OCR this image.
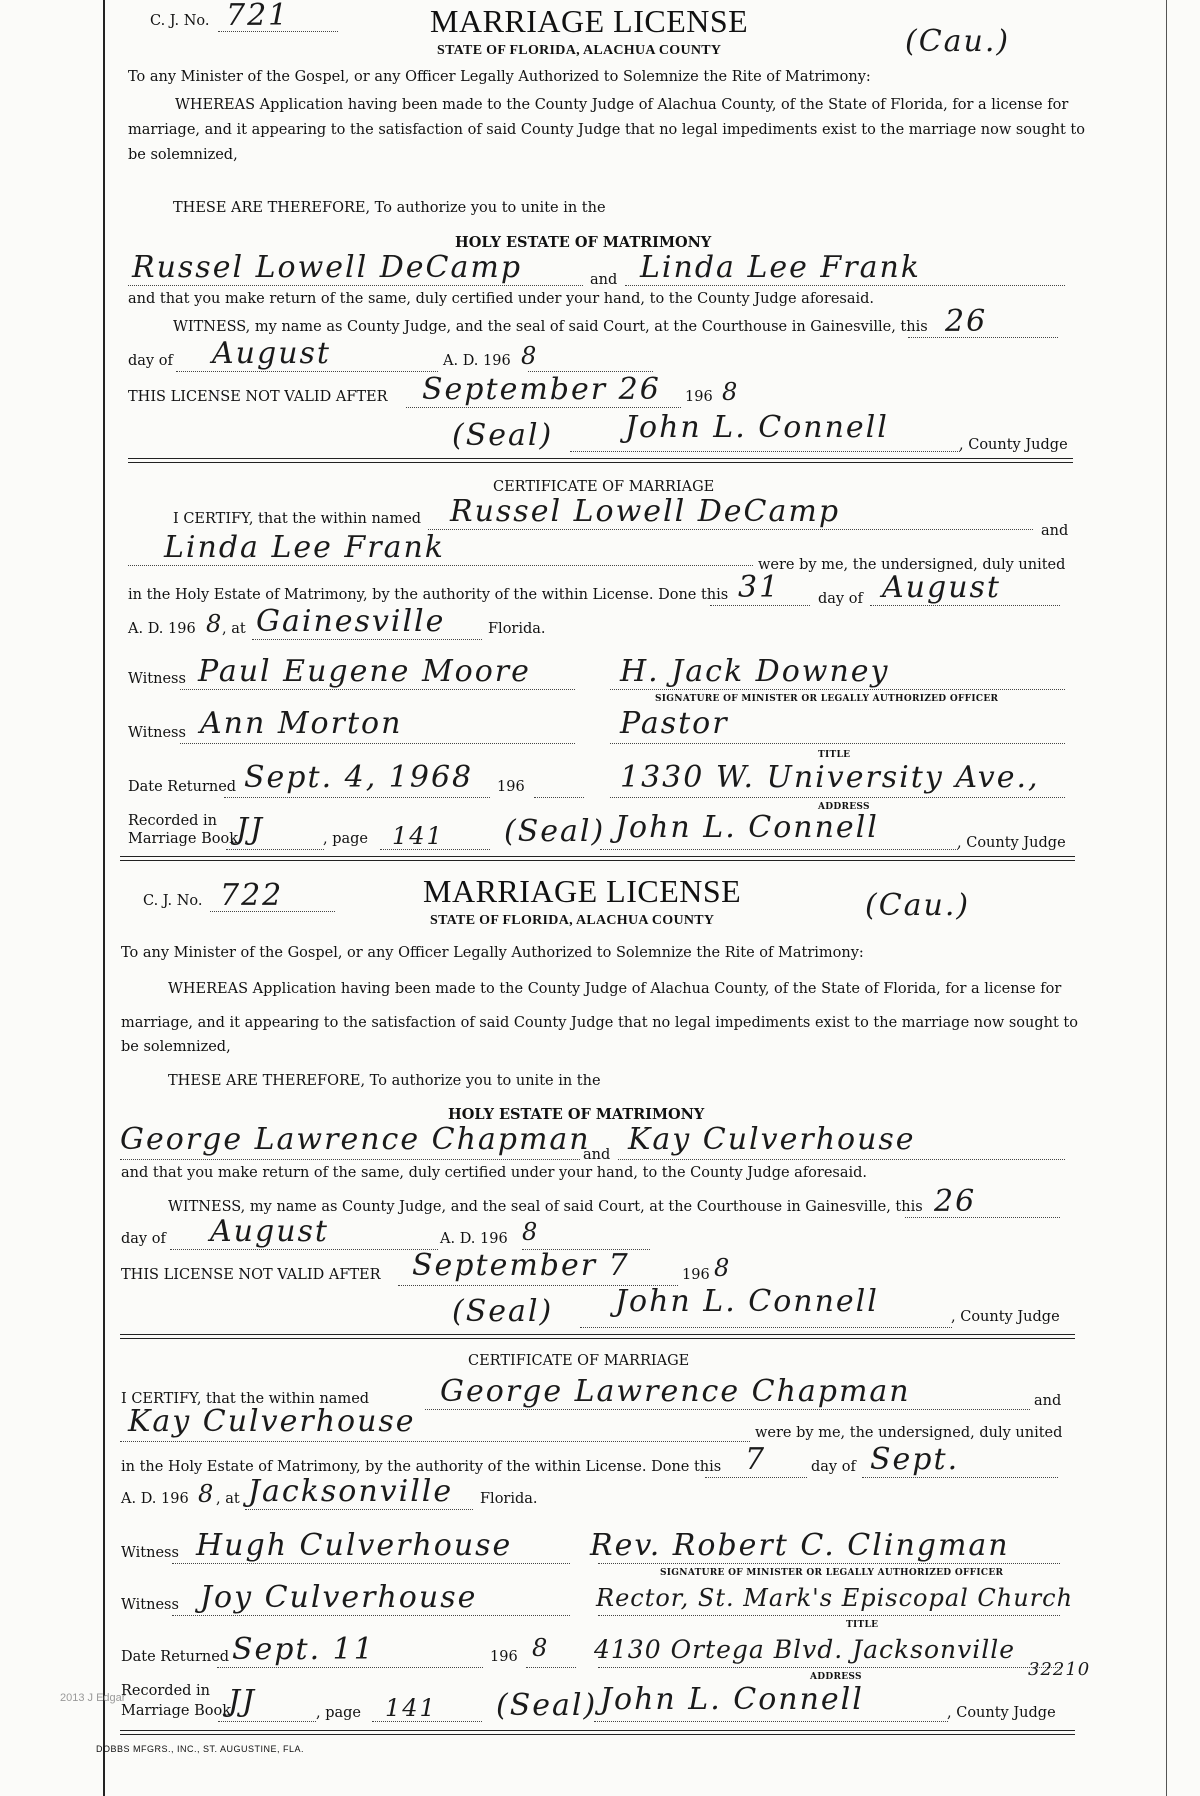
C. J. No. 721	MARRIAGE LICENSE
STATE OF FLORIDA, ALACHUA COUNTY	(Cau.)
To any Minister of the Gospel, or any Officer Legally Authorized to Solemnize the Rite of Matrimony:
WHEREAS Application having been made to the County Judge of Alachua County, of the State of Florida, for a license for
marriage, and it appearing to the satisfaction of said County Judge that no legal impediments exist to the marriage now sought to
be solemnized,
THESE ARE THEREFORE, To authorize you to unite in the
HOLY ESTATE OF MATRIMONY
Russel Lowell DeCamp	and Linda Lee Frank
and that you make return of the same, duly certified under your hand, to the County Judge aforesaid.
WITNESS, my name as County Judge, and the seal of said Court, at the Courthouse in Gainesville, this 26
day of August	A. D. 196 8
THIS LICENSE NOT VALID AFTER September 26 196 8
(Seal) John L. Connell	, County Judge
CERTIFICATE OF MARRIAGE
I CERTIFY, that the within named Russel Lowell DeCamp
and
Linda Lee Frank	were by me, the undersigned, duly united
in the Holy Estate of Matrimony, by the authority of the within License. Done this 31	day of August
A. D. 196 8
, at Gainesville	Florida.
Witness Paul Eugene Moore	H. Jack Downey
SIGNATURE OF MINISTER OR LEGALLY AUTHORIZED OFFICER
Witness Ann Morton	Pastor
TITLE
Date Returned Sept. 4, 1968 196	1330 W. University Ave.,
ADDRESS
Recorded in
Marriage Book
JJ	, page 141 (Seal) John L. Connell	, County Judge
C. J. No. 722	MARRIAGE LICENSE
STATE OF FLORIDA, ALACHUA COUNTY	(Cau.)
To any Minister of the Gospel, or any Officer Legally Authorized to Solemnize the Rite of Matrimony:
WHEREAS Application having been made to the County Judge of Alachua County, of the State of Florida, for a license for
marriage, and it appearing to the satisfaction of said County Judge that no legal impediments exist to the marriage now sought to
be solemnized,
THESE ARE THEREFORE, To authorize you to unite in the
HOLY ESTATE OF MATRIMONY
George Lawrence Chapman
and Kay Culverhouse
and that you make return of the same, duly certified under your hand, to the County Judge aforesaid.
WITNESS, my name as County Judge, and the seal of said Court, at the Courthouse in Gainesville, this 26
day of August	A. D. 196 8
THIS LICENSE NOT VALID AFTER September 7	196 8
(Seal) John L. Connell	, County Judge
CERTIFICATE OF MARRIAGE
I CERTIFY, that the within named George Lawrence Chapman	and
Kay Culverhouse	were by me, the undersigned, duly united
in the Holy Estate of Matrimony, by the authority of the within License. Done this 7	day of Sept.
A. D. 196 8 , at Jacksonville Florida.
Witness Hugh Culverhouse	Rev. Robert C. Clingman
SIGNATURE OF MINISTER OR LEGALLY AUTHORIZED OFFICER
Witness Joy Culverhouse	Rector, St. Mark's Episcopal Church
TITLE
Date Returned Sept. 11	196 8 4130 Ortega Blvd. Jacksonville
ADDRESS	32210
Recorded in
Marriage Book
JJ	, page 141 (Seal) John L. Connell	, County Judge
DOBBS MFGRS., INC., ST. AUGUSTINE, FLA.
2013 J Edgar
